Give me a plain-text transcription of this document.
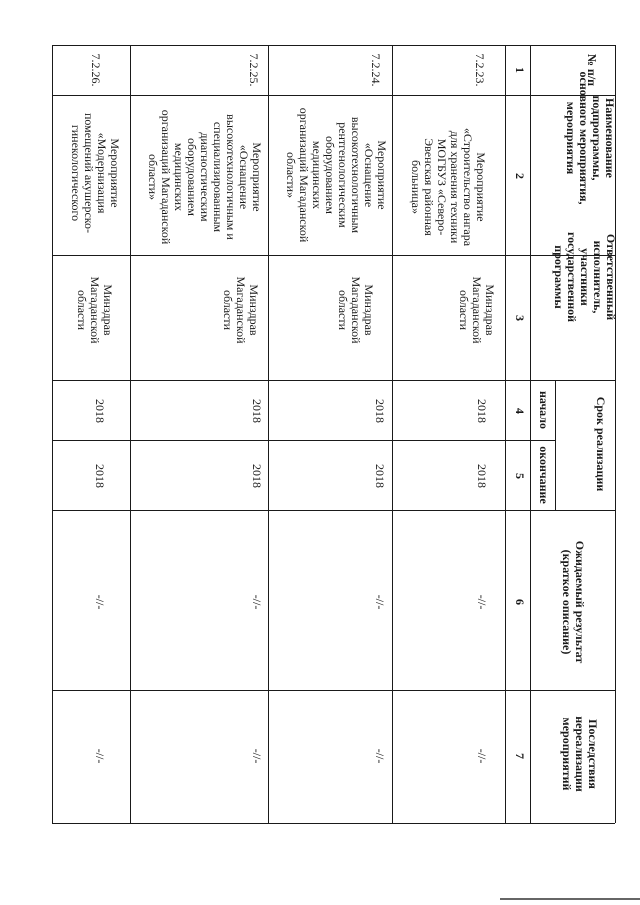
№ п/п
Наименование
подпрограммы,
основного мероприятия,
мероприятия
Ответственный
исполнитель,
участники
государственной
программы
Срок реализации
начало
окончание
Ожидаемый результат
(краткое описание)
Последствия
нереализации
мероприятий
1
2
3
4
5
6
7
7.2.23.
Мероприятие
«Строительство ангара
для хранения техники
МОГБУЗ «Северо-
Эвенская районная
больница»
Минздрав
Магаданской
области
2018
2018
-//-
-//-
7.2.24.
Мероприятие
«Оснащение
высокотехнологичным
рентгенологическим
оборудованием
медицинских
организаций Магаданской
области»
Минздрав
Магаданской
области
2018
2018
-//-
-//-
7.2.25.
Мероприятие
«Оснащение
высокотехнологичным и
специализированным
диагностическим
оборудованием
медицинских
организаций Магаданской
области»
Минздрав
Магаданской
области
2018
2018
-//-
-//-
7.2.26.
Мероприятие
«Модернизация
помещений акушерско-
гинекологического
Минздрав
Магаданской
области
2018
2018
-//-
-//-
